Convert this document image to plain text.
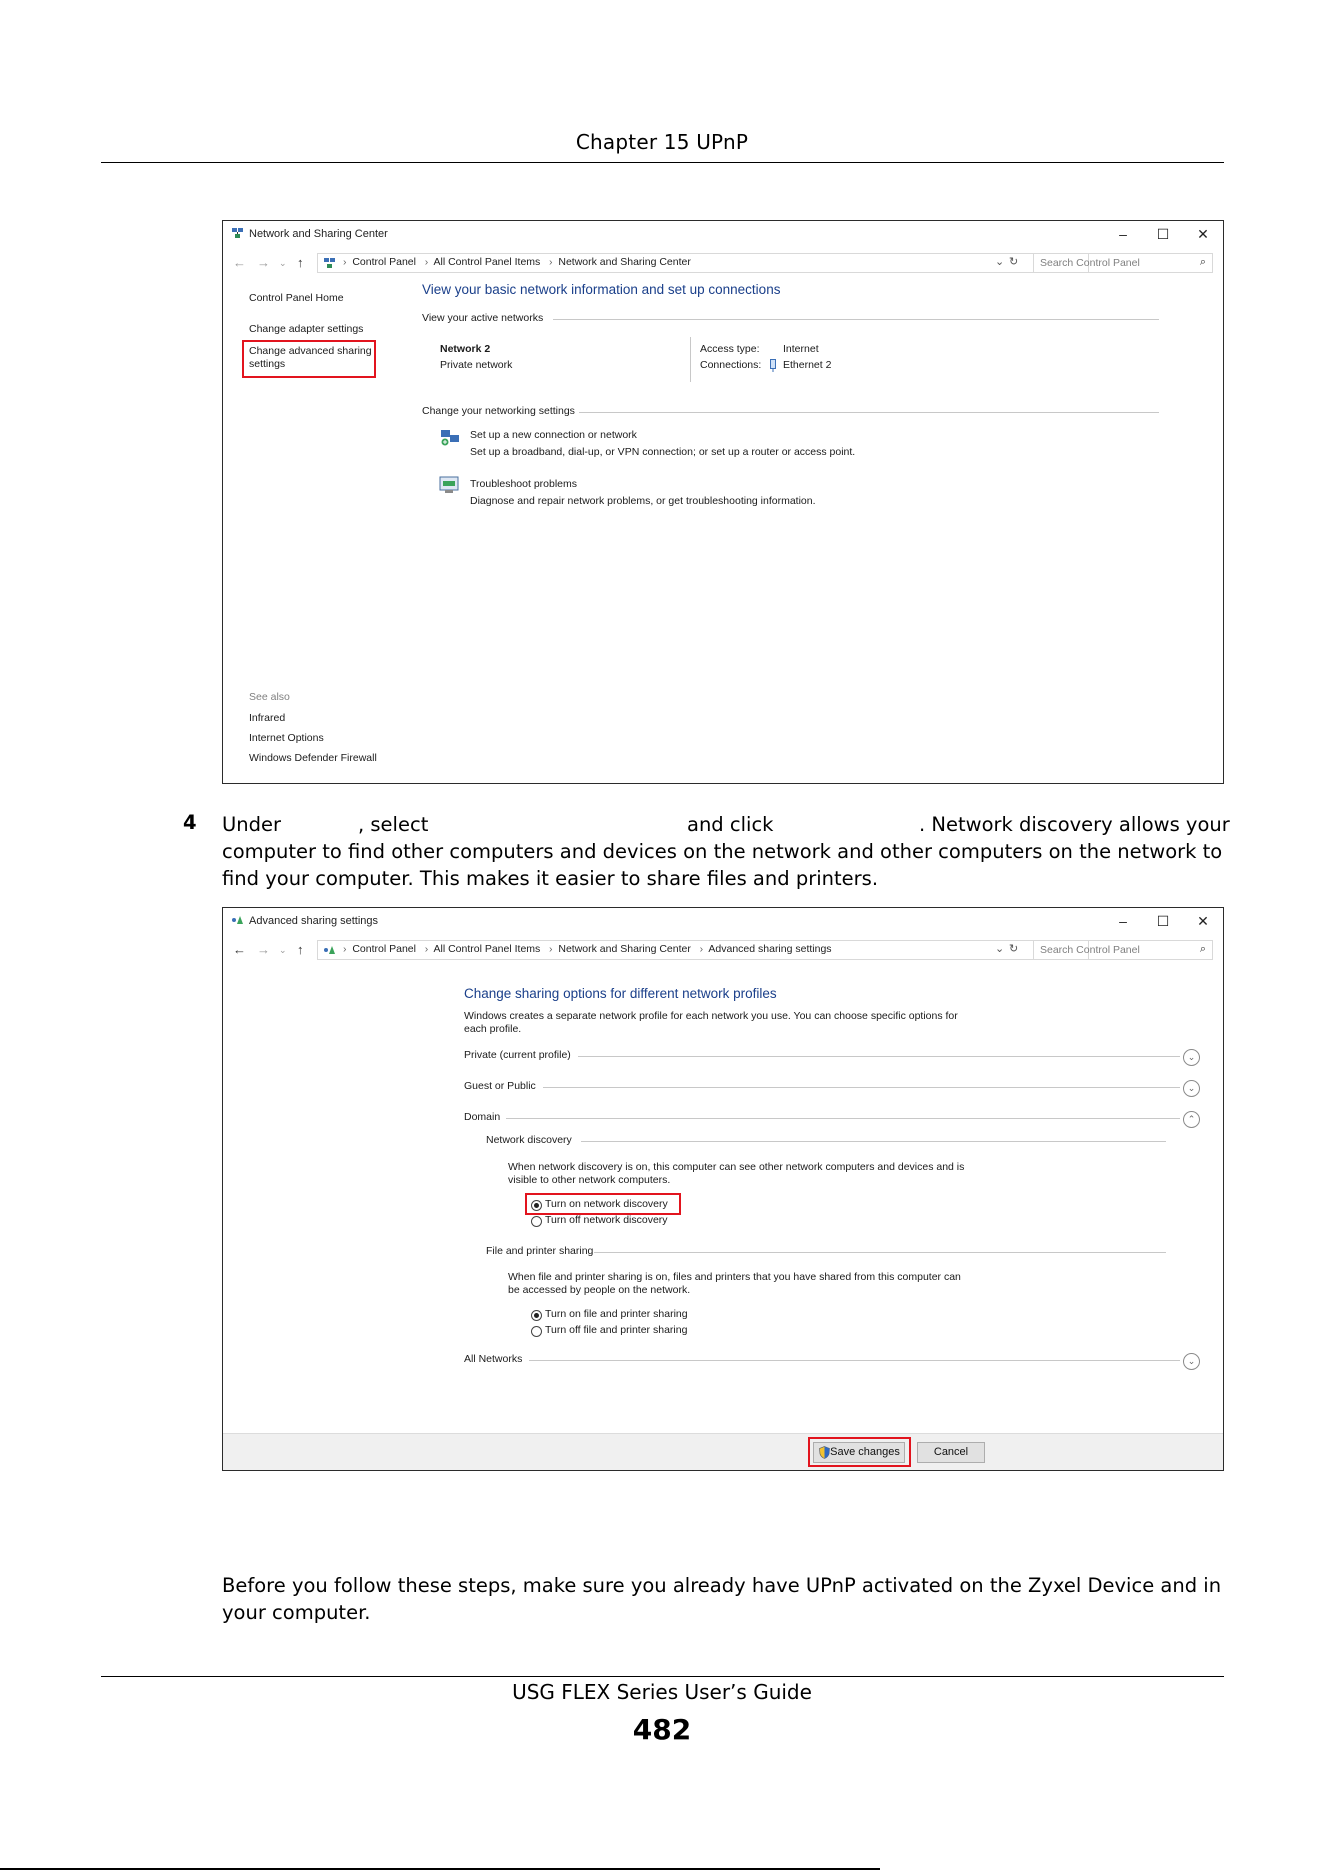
Chapter 15 UPnP
Network and Sharing Center	–	☐	✕
← → ⌄ ↑	›  Control Panel   ›  All Control Panel Items   ›  Network and Sharing Center	⌄ ↻ Search Control Panel	⌕
Control Panel Home
Change adapter settings
Change advanced sharing
settings
See also
Infrared
Internet Options
Windows Defender Firewall
View your basic network information and set up connections
View your active networks
Network 2
Private network
Access type: Internet
Connections: Ethernet 2
Change your networking settings
Set up a new connection or network
Set up a broadband, dial-up, or VPN connection; or set up a router or access point.
Troubleshoot problems
Diagnose and repair network problems, or get troubleshooting information.
4 Under	, select	and click	. Network discovery allows your
computer to find other computers and devices on the network and other computers on the network to
find your computer. This makes it easier to share files and printers.
Advanced sharing settings	–	☐	✕
← → ⌄ ↑	›  Control Panel   ›  All Control Panel Items   ›  Network and Sharing Center   ›  Advanced sharing settings	⌄ ↻ Search Control Panel	⌕
Change sharing options for different network profiles
Windows creates a separate network profile for each network you use. You can choose specific options for
each profile.
Private (current profile)	⌄
Guest or Public	⌄
Domain	⌃
Network discovery
When network discovery is on, this computer can see other network computers and devices and is
visible to other network computers.
Turn on network discovery
Turn off network discovery
File and printer sharing
When file and printer sharing is on, files and printers that you have shared from this computer can
be accessed by people on the network.
Turn on file and printer sharing
Turn off file and printer sharing
All Networks	⌄
Save changes	Cancel
Before you follow these steps, make sure you already have UPnP activated on the Zyxel Device and in
your computer.
USG FLEX Series User’s Guide
482
